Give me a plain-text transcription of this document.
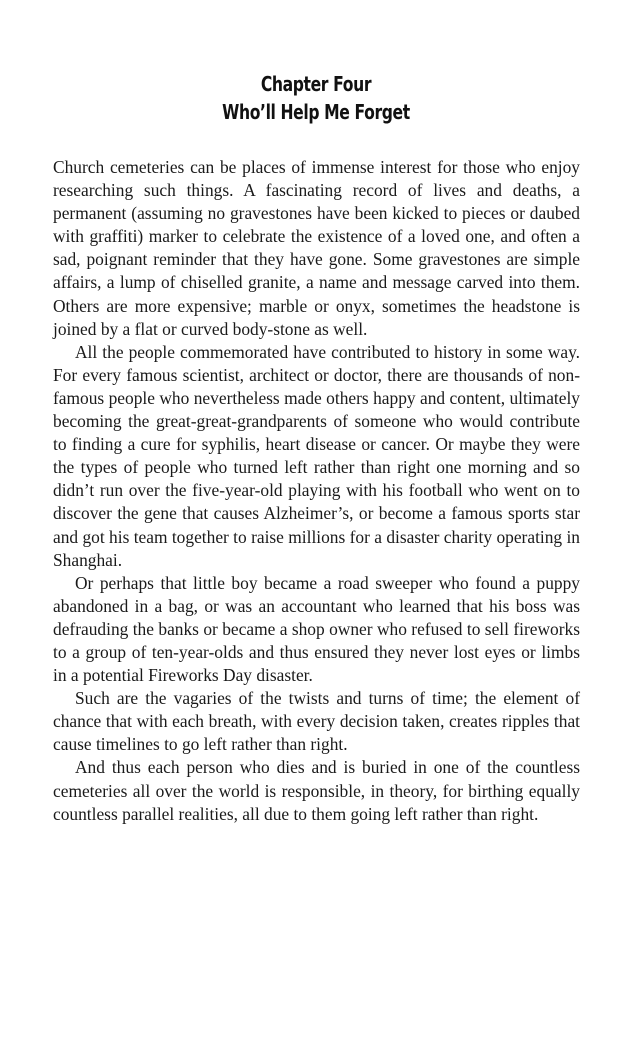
Chapter Four
Who’ll Help Me Forget

Church cemeteries can be places of immense interest for those who enjoy researching such things. A fascinating record of lives and deaths, a permanent (assuming no gravestones have been kicked to pieces or daubed with graffiti) marker to celebrate the existence of a loved one, and often a sad, poignant reminder that they have gone. Some gravestones are simple affairs, a lump of chiselled granite, a name and message carved into them. Others are more expensive; marble or onyx, sometimes the headstone is joined by a flat or curved body-stone as well.

All the people commemorated have contributed to history in some way. For every famous scientist, architect or doctor, there are thousands of non-famous people who nevertheless made others happy and content, ultimately becoming the great-great-grandparents of someone who would contribute to finding a cure for syphilis, heart disease or cancer. Or maybe they were the types of people who turned left rather than right one morning and so didn’t run over the five-year-old playing with his football who went on to discover the gene that causes Alzheimer’s, or become a famous sports star and got his team together to raise millions for a disaster charity operating in Shanghai.

Or perhaps that little boy became a road sweeper who found a puppy abandoned in a bag, or was an accountant who learned that his boss was defrauding the banks or became a shop owner who refused to sell fireworks to a group of ten-year-olds and thus ensured they never lost eyes or limbs in a potential Fireworks Day disaster.

Such are the vagaries of the twists and turns of time; the element of chance that with each breath, with every decision taken, creates ripples that cause timelines to go left rather than right.

And thus each person who dies and is buried in one of the countless cemeteries all over the world is responsible, in theory, for birthing equally countless parallel realities, all due to them going left rather than right.
